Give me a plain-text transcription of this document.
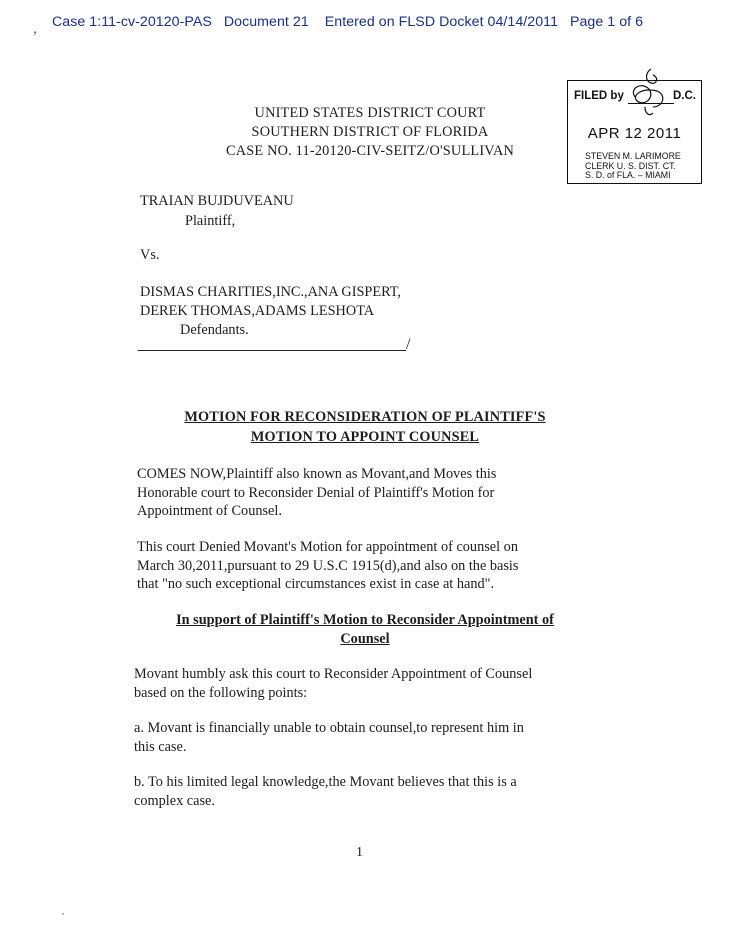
, Case 1:11-cv-20120-PAS   Document 21    Entered on FLSD Docket 04/14/2011   Page 1 of 6
UNITED STATES DISTRICT COURT
SOUTHERN DISTRICT OF FLORIDA
CASE NO. 11-20120-CIV-SEITZ/O'SULLIVAN
FILED by	D.C.
APR 12 2011
STEVEN M. LARIMORE
CLERK U. S. DIST. CT.
S. D. of FLA. – MIAMI
TRAIAN BUJDUVEANU
Plaintiff,
Vs.
DISMAS CHARITIES,INC.,ANA GISPERT,
DEREK THOMAS,ADAMS LESHOTA
Defendants.
/
MOTION FOR RECONSIDERATION OF PLAINTIFF'S
MOTION TO APPOINT COUNSEL
COMES NOW,Plaintiff also known as Movant,and Moves this
Honorable court to Reconsider Denial of Plaintiff's Motion for
Appointment of Counsel.
This court Denied Movant's Motion for appointment of counsel on
March 30,2011,pursuant to 29 U.S.C 1915(d),and also on the basis
that "no such exceptional circumstances exist in case at hand".
In support of Plaintiff's Motion to Reconsider Appointment of
Counsel
Movant humbly ask this court to Reconsider Appointment of Counsel
based on the following points:
a. Movant is financially unable to obtain counsel,to represent him in
this case.
b. To his limited legal knowledge,the Movant believes that this is a
complex case.
1
